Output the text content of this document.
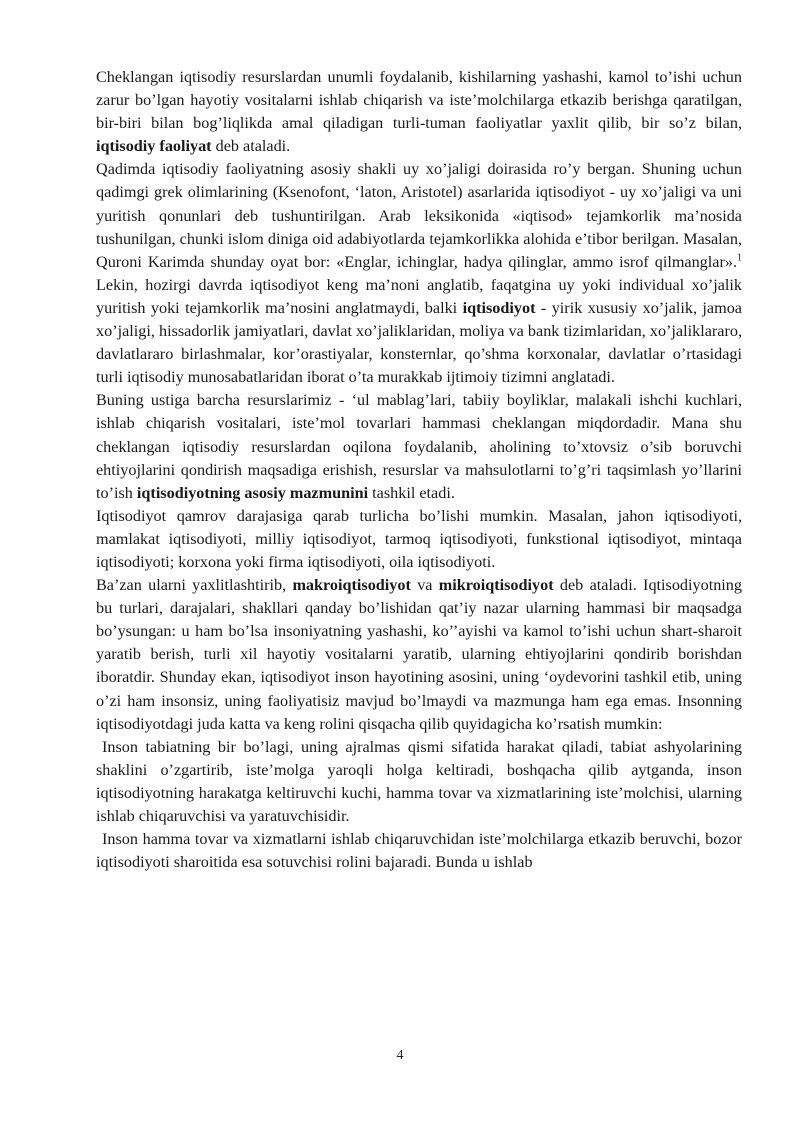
Cheklangan iqtisodiy resurslardan unumli foydalanib, kishilarning yashashi, kamol to’ishi uchun zarur bo’lgan hayotiy vositalarni ishlab chiqarish va iste’molchilarga etkazib berishga qaratilgan, bir-biri bilan bog’liqlikda amal qiladigan turli-tuman faoliyatlar yaxlit qilib, bir so’z bilan, iqtisodiy faoliyat deb ataladi.

Qadimda iqtisodiy faoliyatning asosiy shakli uy xo’jaligi doirasida ro’y bergan. Shuning uchun qadimgi grek olimlarining (Ksenofont, ‘laton, Aristotel) asarlarida iqtisodiyot - uy xo’jaligi va uni yuritish qonunlari deb tushuntirilgan. Arab leksikonida «iqtisod» tejamkorlik ma’nosida tushunilgan, chunki islom diniga oid adabiyotlarda tejamkorlikka alohida e’tibor berilgan. Masalan, Quroni Karimda shunday oyat bor: «Englar, ichinglar, hadya qilinglar, ammo isrof qilmanglar».$^1$ Lekin, hozirgi davrda iqtisodiyot keng ma’noni anglatib, faqatgina uy yoki individual xo’jalik yuritish yoki tejamkorlik ma’nosini anglatmaydi, balki iqtisodiyot - yirik xususiy xo’jalik, jamoa xo’jaligi, hissadorlik jamiyatlari, davlat xo’jaliklaridan, moliya va bank tizimlaridan, xo’jaliklararo, davlatlararo birlashmalar, kor’orastiyalar, konsternlar, qo’shma korxonalar, davlatlar o’rtasidagi turli iqtisodiy munosabatlaridan iborat o’ta murakkab ijtimoiy tizimni anglatadi.

Buning ustiga barcha resurslarimiz - ‘ul mablag’lari, tabiiy boyliklar, malakali ishchi kuchlari, ishlab chiqarish vositalari, iste’mol tovarlari hammasi cheklangan miqdordadir. Mana shu cheklangan iqtisodiy resurslardan oqilona foydalanib, aholining to’xtovsiz o’sib boruvchi ehtiyojlarini qondirish maqsadiga erishish, resurslar va mahsulotlarni to’g’ri taqsimlash yo’llarini to’ish iqtisodiyotning asosiy mazmunini tashkil etadi.

Iqtisodiyot qamrov darajasiga qarab turlicha bo’lishi mumkin. Masalan, jahon iqtisodiyoti, mamlakat iqtisodiyoti, milliy iqtisodiyot, tarmoq iqtisodiyoti, funkstional iqtisodiyot, mintaqa iqtisodiyoti; korxona yoki firma iqtisodiyoti, oila iqtisodiyoti.

Ba’zan ularni yaxlitlashtirib, makroiqtisodiyot va mikroiqtisodiyot deb ataladi. Iqtisodiyotning bu turlari, darajalari, shakllari qanday bo’lishidan qat’iy nazar ularning hammasi bir maqsadga bo’ysungan: u ham bo’lsa insoniyatning yashashi, ko’’ayishi va kamol to’ishi uchun shart-sharoit yaratib berish, turli xil hayotiy vositalarni yaratib, ularning ehtiyojlarini qondirib borishdan iboratdir. Shunday ekan, iqtisodiyot inson hayotining asosini, uning ‘oydevorini tashkil etib, uning o’zi ham insonsiz, uning faoliyatisiz mavjud bo’lmaydi va mazmunga ham ega emas. Insonning iqtisodiyotdagi juda katta va keng rolini qisqacha qilib quyidagicha ko’rsatish mumkin:

Inson tabiatning bir bo’lagi, uning ajralmas qismi sifatida harakat qiladi, tabiat ashyolarining shaklini o’zgartirib, iste’molga yaroqli holga keltiradi, boshqacha qilib aytganda, inson iqtisodiyotning harakatga keltiruvchi kuchi, hamma tovar va xizmatlarining iste’molchisi, ularning ishlab chiqaruvchisi va yaratuvchisidir.

Inson hamma tovar va xizmatlarni ishlab chiqaruvchidan iste’molchilarga etkazib beruvchi, bozor iqtisodiyoti sharoitida esa sotuvchisi rolini bajaradi. Bunda u ishlab

4
